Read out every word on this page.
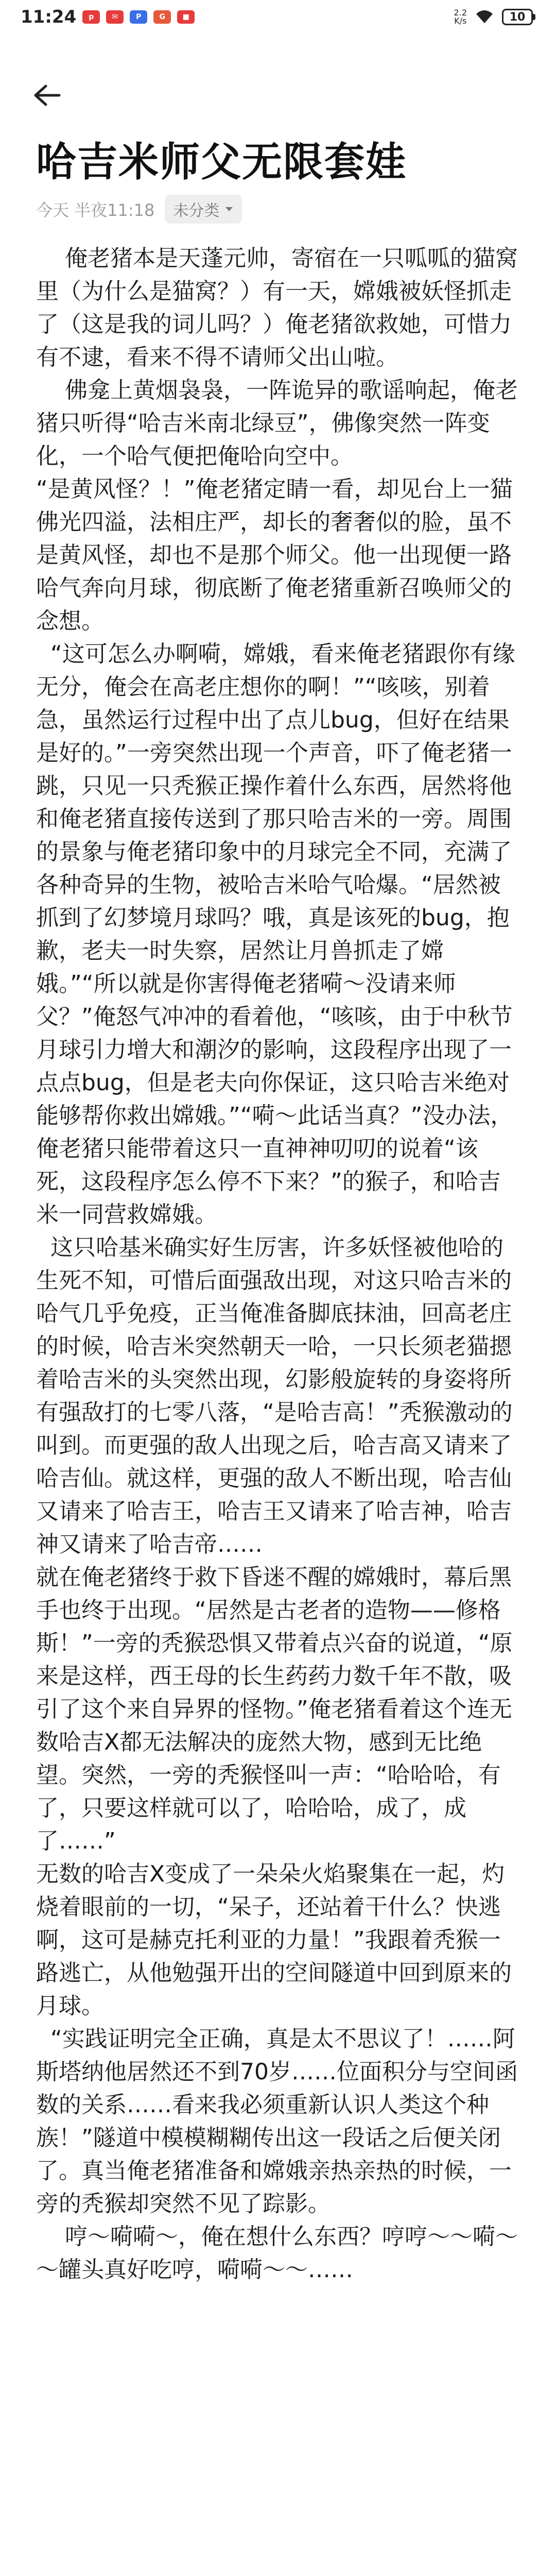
11:24	p	✉	P	G	■	2.2
K/s	10
哈吉米师父无限套娃
今天 半夜11:18 未分类

俺老猪本是天蓬元帅，寄宿在一只呱呱的猫窝里（为什么是猫窝？）有一天，嫦娥被妖怪抓走了（这是我的词儿吗？）俺老猪欲救她，可惜力有不逮，看来不得不请师父出山啦。

佛龛上黄烟袅袅，一阵诡异的歌谣响起，俺老猪只听得“哈吉米南北绿豆”，佛像突然一阵变化，一个哈气便把俺哈向空中。

“是黄风怪？！”俺老猪定睛一看，却见台上一猫佛光四溢，法相庄严，却长的奢奢似的脸，虽不是黄风怪，却也不是那个师父。他一出现便一路哈气奔向月球，彻底断了俺老猪重新召唤师父的念想。

“这可怎么办啊嗬，嫦娥，看来俺老猪跟你有缘无分，俺会在高老庄想你的啊！”“咳咳，别着急，虽然运行过程中出了点儿bug，但好在结果是好的。”一旁突然出现一个声音，吓了俺老猪一跳，只见一只秃猴正操作着什么东西，居然将他和俺老猪直接传送到了那只哈吉米的一旁。周围的景象与俺老猪印象中的月球完全不同，充满了各种奇异的生物，被哈吉米哈气哈爆。“居然被抓到了幻梦境月球吗？哦，真是该死的bug，抱歉，老夫一时失察，居然让月兽抓走了嫦娥。”“所以就是你害得俺老猪嗬～没请来师父？”俺怒气冲冲的看着他，“咳咳，由于中秋节月球引力增大和潮汐的影响，这段程序出现了一点点bug，但是老夫向你保证，这只哈吉米绝对能够帮你救出嫦娥。”“嗬～此话当真？”没办法，俺老猪只能带着这只一直神神叨叨的说着“该死，这段程序怎么停不下来？”的猴子，和哈吉米一同营救嫦娥。

这只哈基米确实好生厉害，许多妖怪被他哈的生死不知，可惜后面强敌出现，对这只哈吉米的哈气几乎免疫，正当俺准备脚底抹油，回高老庄的时候，哈吉米突然朝天一哈，一只长须老猫摁着哈吉米的头突然出现，幻影般旋转的身姿将所有强敌打的七零八落，“是哈吉高！”秃猴激动的叫到。而更强的敌人出现之后，哈吉高又请来了哈吉仙。就这样，更强的敌人不断出现，哈吉仙又请来了哈吉王，哈吉王又请来了哈吉神，哈吉神又请来了哈吉帝……

就在俺老猪终于救下昏迷不醒的嫦娥时，幕后黑手也终于出现。“居然是古老者的造物——修格斯！”一旁的秃猴恐惧又带着点兴奋的说道，“原来是这样，西王母的长生药药力数千年不散，吸引了这个来自异界的怪物。”俺老猪看着这个连无数哈吉X都无法解决的庞然大物，感到无比绝望。突然，一旁的秃猴怪叫一声：“哈哈哈，有了，只要这样就可以了，哈哈哈，成了，成了……”

无数的哈吉X变成了一朵朵火焰聚集在一起，灼烧着眼前的一切，“呆子，还站着干什么？快逃啊，这可是赫克托利亚的力量！”我跟着秃猴一路逃亡，从他勉强开出的空间隧道中回到原来的月球。

“实践证明完全正确，真是太不思议了！……阿斯塔纳他居然还不到70岁……位面积分与空间函数的关系……看来我必须重新认识人类这个种族！”隧道中模模糊糊传出这一段话之后便关闭了。真当俺老猪准备和嫦娥亲热亲热的时候，一旁的秃猴却突然不见了踪影。

哼～嗬嗬～，俺在想什么东西？哼哼～～嗬～～罐头真好吃哼，嗬嗬～～……
